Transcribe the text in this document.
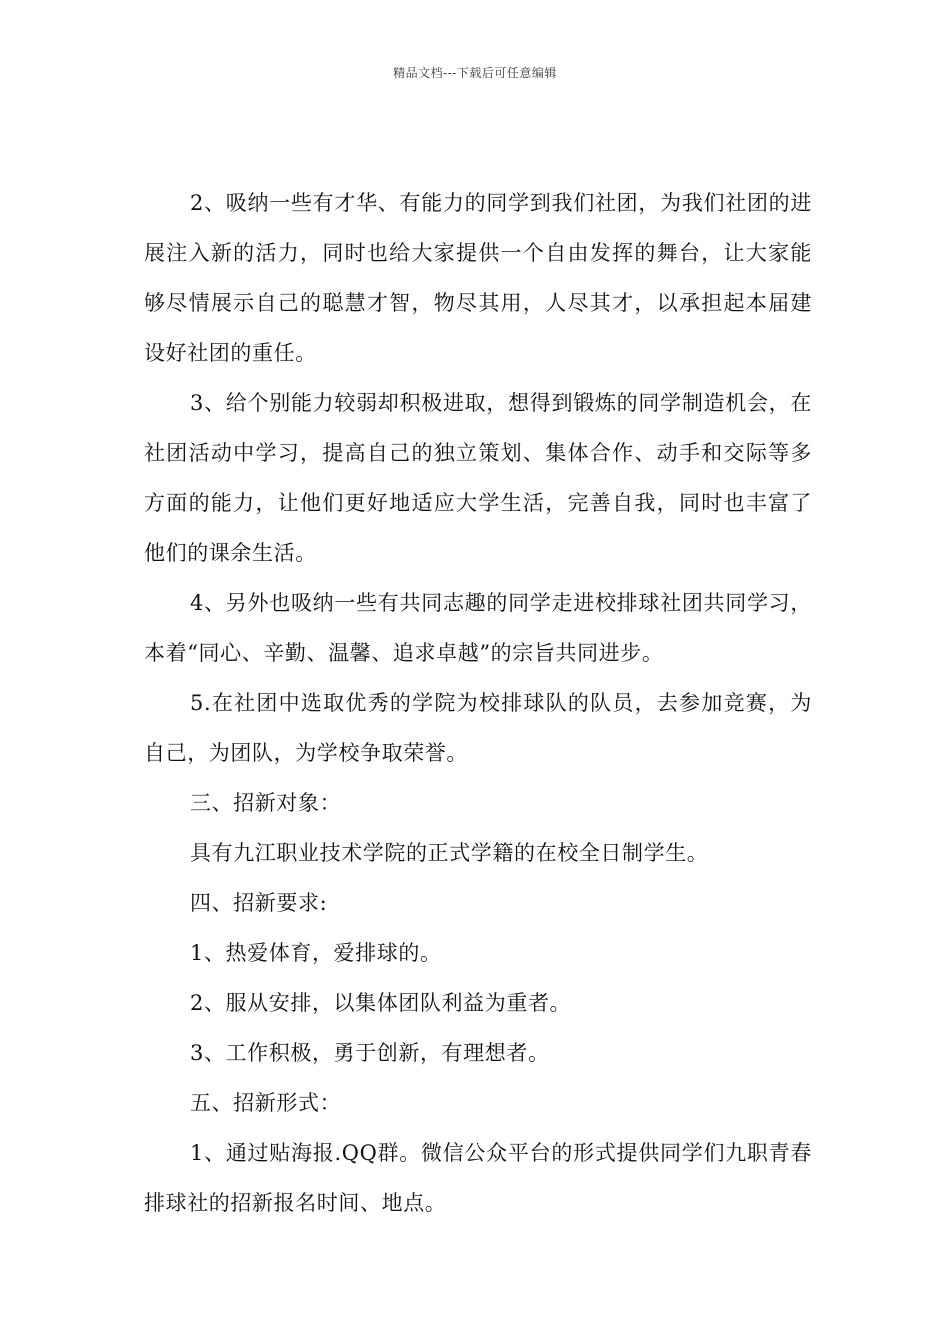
精品文档---下载后可任意编辑

2、吸纳一些有才华、有能力的同学到我们社团，为我们社团的进展注入新的活力，同时也给大家提供一个自由发挥的舞台，让大家能够尽情展示自己的聪慧才智，物尽其用，人尽其才，以承担起本届建设好社团的重任。

3、给个别能力较弱却积极进取，想得到锻炼的同学制造机会，在社团活动中学习，提高自己的独立策划、集体合作、动手和交际等多方面的能力，让他们更好地适应大学生活，完善自我，同时也丰富了他们的课余生活。

4、另外也吸纳一些有共同志趣的同学走进校排球社团共同学习，本着“同心、辛勤、温馨、追求卓越”的宗旨共同进步。

5.在社团中选取优秀的学院为校排球队的队员，去参加竞赛，为自己，为团队，为学校争取荣誉。

三、招新对象：

具有九江职业技术学院的正式学籍的在校全日制学生。

四、招新要求:

1、热爱体育，爱排球的。

2、服从安排，以集体团队利益为重者。

3、工作积极，勇于创新，有理想者。

五、招新形式：

1、通过贴海报.QQ群。微信公众平台的形式提供同学们九职青春排球社的招新报名时间、地点。
